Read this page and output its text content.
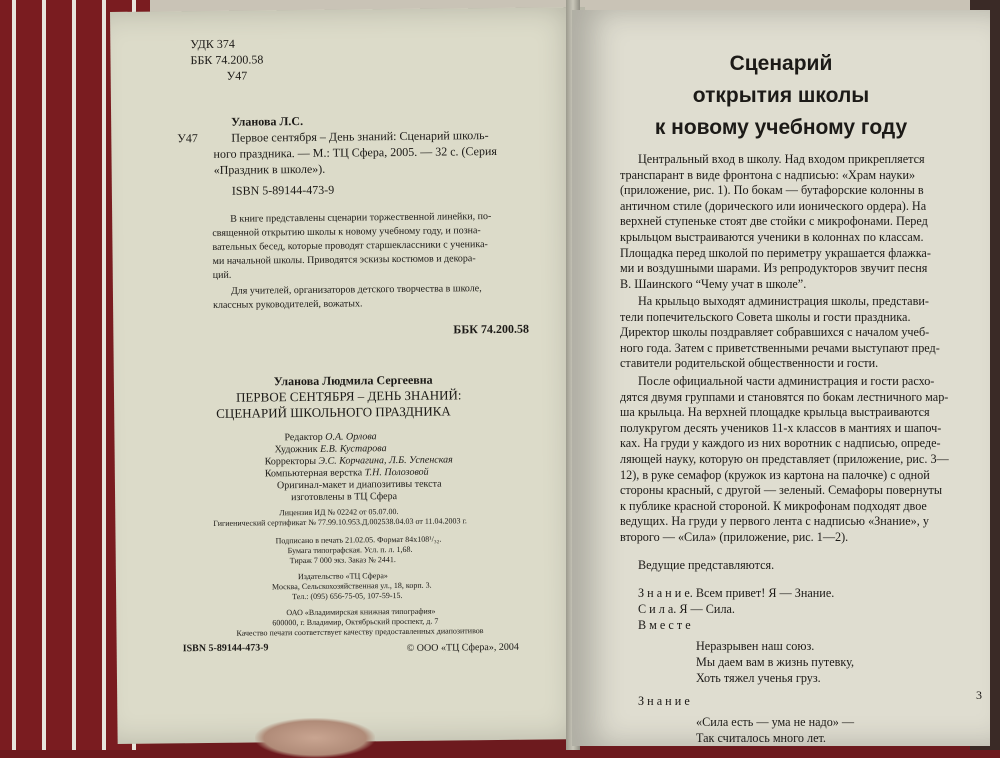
УДК 374
ББК 74.200.58
У47
Уланова Л.С.
У47	Первое сентября – День знаний: Сценарий школь-
ного праздника. — М.: ТЦ Сфера, 2005. — 32 с. (Серия
«Праздник в школе»).
ISBN 5-89144-473-9
В книге представлены сценарии торжественной линейки, по-
священной открытию школы к новому учебному году, и познa-
вательных бесед, которые проводят старшеклассники с ученика-
ми начальной школы. Приводятся эскизы костюмов и декора-
ций.
Для учителей, организаторов детского творчества в школе,
классных руководителей, вожатых.
ББК 74.200.58
Уланова Людмила Сергеевна
ПЕРВОЕ СЕНТЯБРЯ – ДЕНЬ ЗНАНИЙ:
СЦЕНАРИЙ ШКОЛЬНОГО ПРАЗДНИКА
Редактор О.А. Орлова
Художник Е.В. Кустарова
Корректоры Э.С. Корчагина, Л.Б. Успенская
Компьютерная верстка Т.Н. Полозовой
Оригинал-макет и диапозитивы текста
изготовлены в ТЦ Сфера
Лицензия ИД № 02242 от 05.07.00.
Гигиенический сертификат № 77.99.10.953.Д.002538.04.03 от 11.04.2003 г.
Подписано в печать 21.02.05. Формат 84x108¹/₃₂.
Бумага типографская. Усл. п. л. 1,68.
Тираж 7 000 экз. Заказ № 2441.
Издательство «ТЦ Сфера»
Москва, Сельскохозяйственная ул., 18, корп. 3.
Тел.: (095) 656-75-05, 107-59-15.
ОАО «Владимирская книжная типография»
600000, г. Владимир, Октябрьский проспект, д. 7
Качество печати соответствует качеству предоставленных диапозитивов
ISBN 5-89144-473-9	© ООО «ТЦ Сфера», 2004
Сценарий
открытия школы
к новому учебному году
Центральный вход в школу. Над входом прикрепляется
транспарант в виде фронтона с надписью: «Храм науки»
(приложение, рис. 1). По бокам — бутафорские колонны в
античном стиле (дорического или ионического ордера). На
верхней ступеньке стоят две стойки с микрофонами. Перед
крыльцом выстраиваются ученики в колоннах по классам.
Площадка перед школой по периметру украшается флажка-
ми и воздушными шарами. Из репродукторов звучит песня
В. Шаинского “Чему учат в школе”.
На крыльцо выходят администрация школы, представи-
тели попечительского Совета школы и гости праздника.
Директор школы поздравляет собравшихся с началом учеб-
ного года. Затем с приветственными речами выступают пред-
ставители родительской общественности и гости.
После официальной части администрация и гости расхо-
дятся двумя группами и становятся по бокам лестничного мар-
ша крыльца. На верхней площадке крыльца выстраиваются
полукругом десять учеников 11-х классов в мантиях и шапоч-
ках. На груди у каждого из них воротник с надписью, опреде-
ляющей науку, которую он представляет (приложение, рис. 3—
12), в руке семафор (кружок из картона на палочке) с одной
стороны красный, с другой — зеленый. Семафоры повернуты
к публике красной стороной. К микрофонам подходят двое
ведущих. На груди у первого лента с надписью «Знание», у
второго — «Сила» (приложение, рис. 1—2).
Ведущие представляются.
З н а н и е. Всем привет! Я — Знание.
С и л а. Я — Сила.
В м е с т е
Неразрывен наш союз.
Мы даем вам в жизнь путевку,
Хоть тяжел ученья груз.
З н а н и е
«Сила есть — ума не надо» —
Так считалось много лет.
3
